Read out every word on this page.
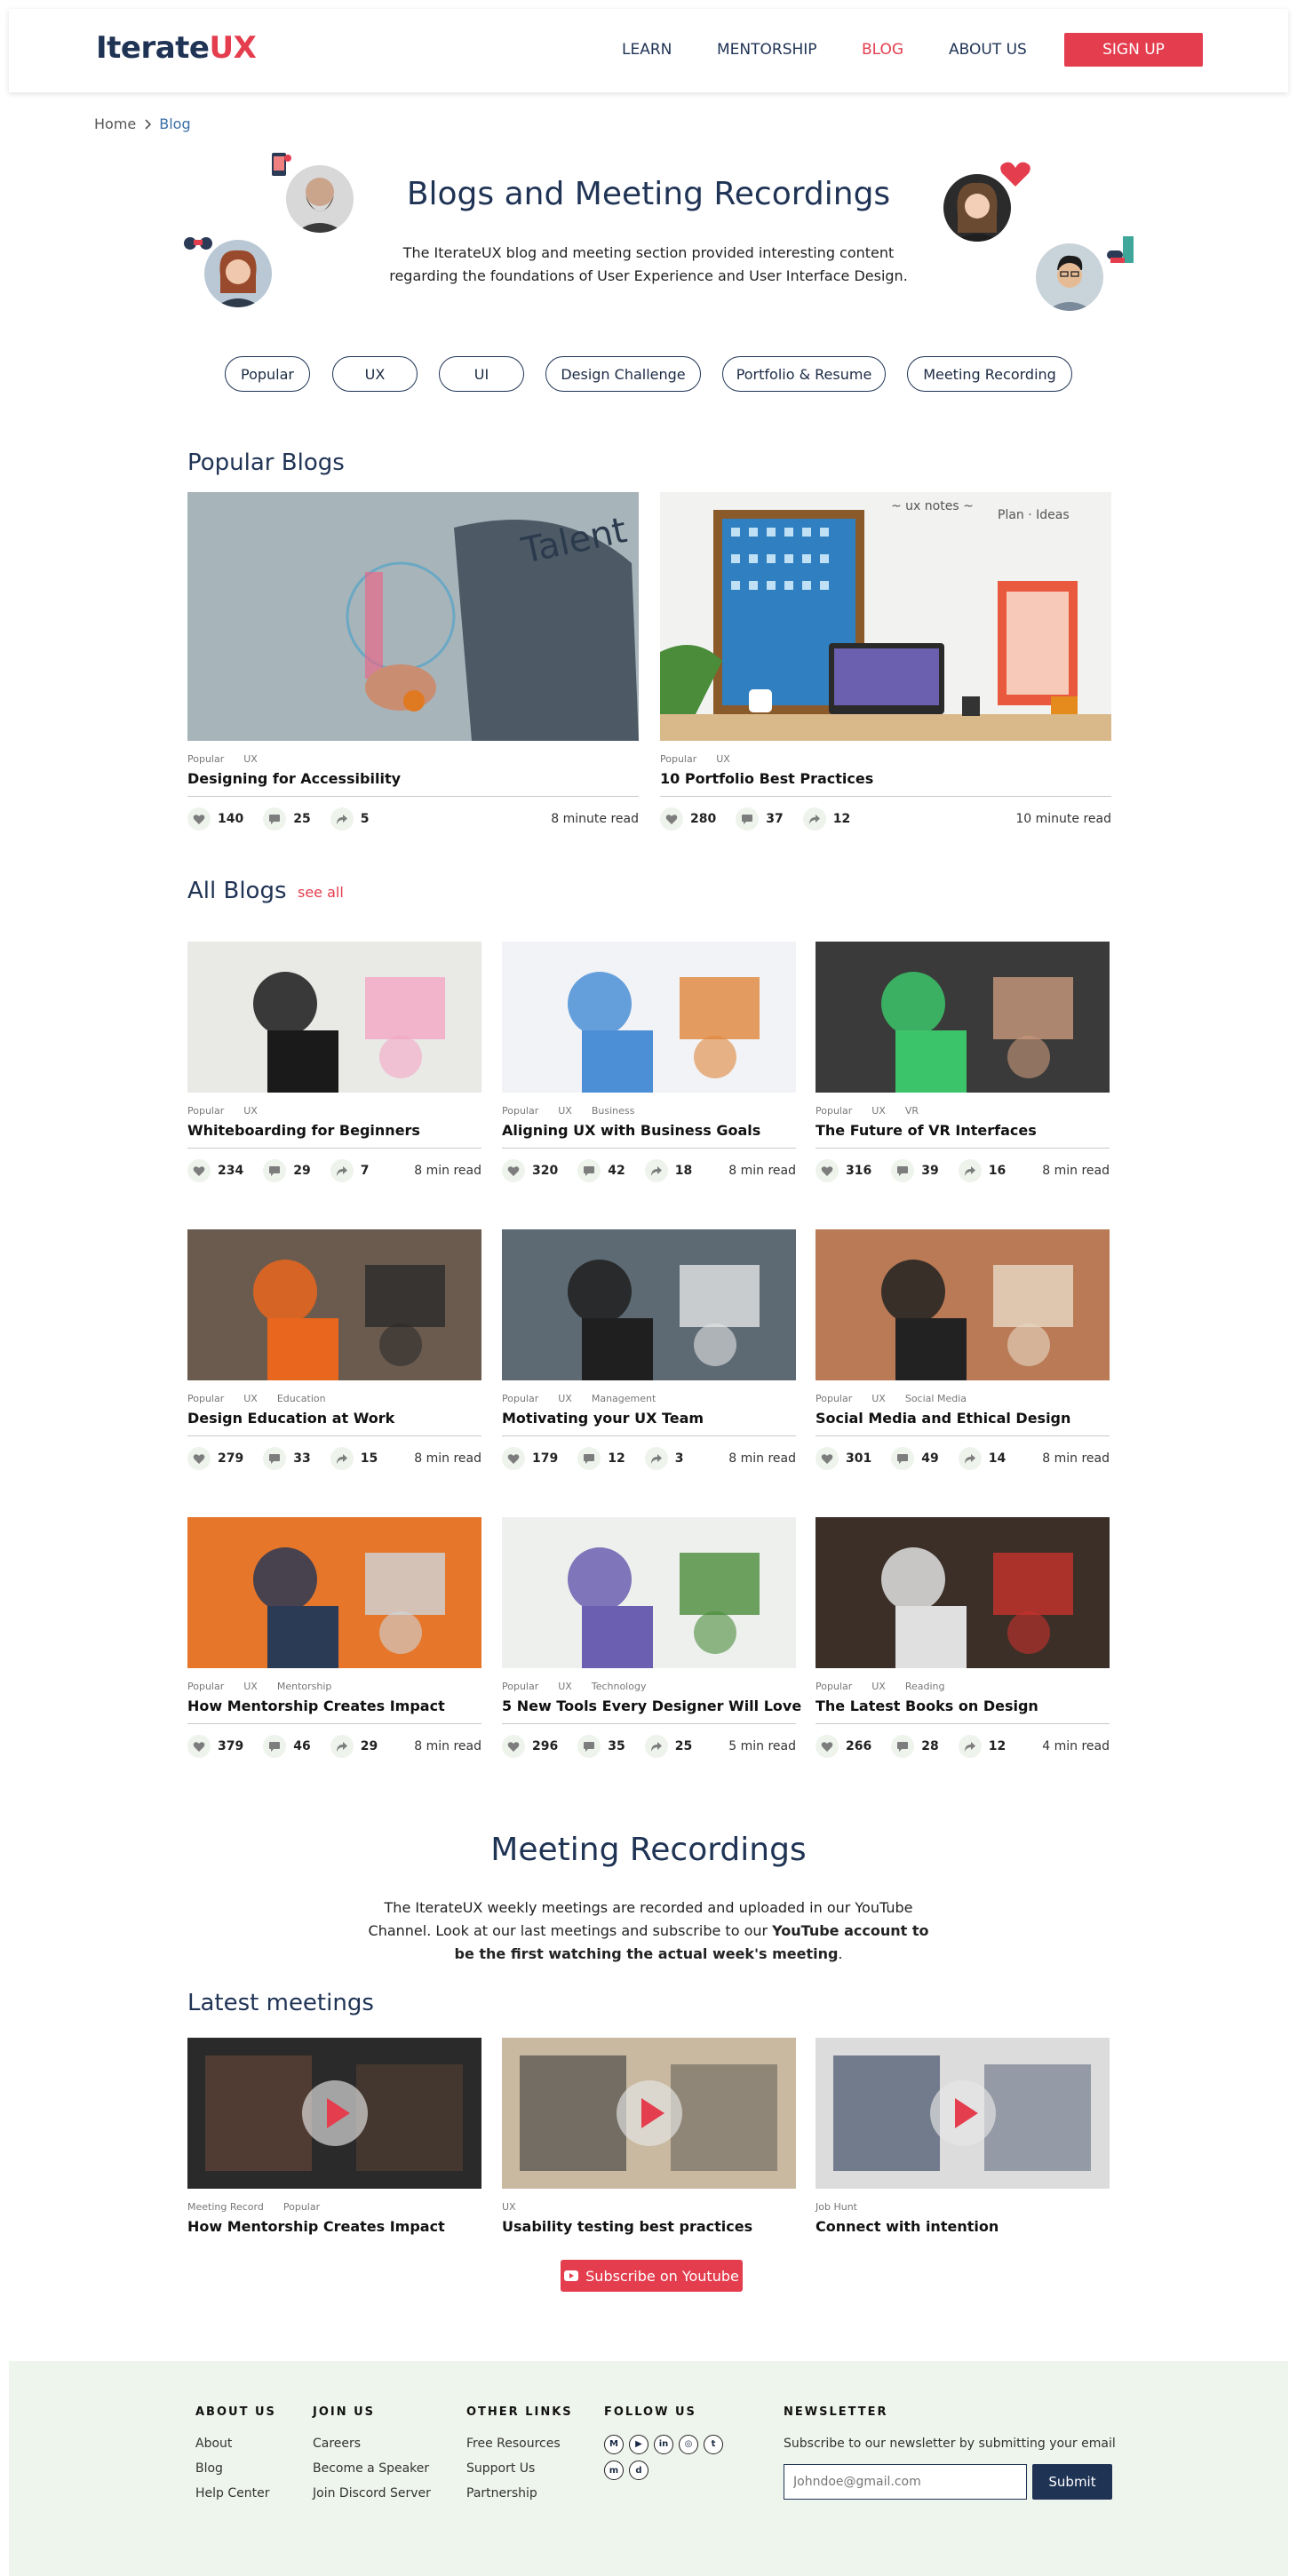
IterateUX	LEARN	MENTORSHIP	BLOG	ABOUT US	SIGN UP
Home Blog
Blogs and Meeting Recordings

The IterateUX blog and meeting section provided interesting content regarding the foundations of User Experience and User Interface Design.

Popular	UX	UI	Design Challenge	Portfolio & Resume	Meeting Recording
Popular Blogs
Talent
Popular UX
Designing for Accessibility
140	25	5	8 minute read
~ ux notes ~
Plan · Ideas
Popular UX
10 Portfolio Best Practices
280	37	12	10 minute read
All Blogs see all
Popular UX
Whiteboarding for Beginners
234	29	7	8 min read
Popular UX Business
Aligning UX with Business Goals
320	42	18	8 min read
Popular UX VR
The Future of VR Interfaces
316	39	16	8 min read
Popular UX Education
Design Education at Work
279	33	15	8 min read
Popular UX Management
Motivating your UX Team
179	12	3	8 min read
Popular UX Social Media
Social Media and Ethical Design
301	49	14	8 min read
Popular UX Mentorship
How Mentorship Creates Impact
379	46	29	8 min read
Popular UX Technology
5 New Tools Every Designer Will Love
296	35	25	5 min read
Popular UX Reading
The Latest Books on Design
266	28	12	4 min read
Meeting Recordings

The IterateUX weekly meetings are recorded and uploaded in our YouTube Channel. Look at our last meetings and subscribe to our YouTube account to be the first watching the actual week's meeting.

Latest meetings
Meeting Record Popular
How Mentorship Creates Impact
UX
Usability testing best practices
Job Hunt
Connect with intention
Subscribe on Youtube
ABOUT US
About
Blog
Help Center
JOIN US
Careers
Become a Speaker
Join Discord Server
OTHER LINKS
Free Resources
Support Us
Partnership
FOLLOW US
M ▶ in ◎ t
m d
NEWSLETTER
Subscribe to our newsletter by submitting your email
Johndoe@gmail.com
Submit
